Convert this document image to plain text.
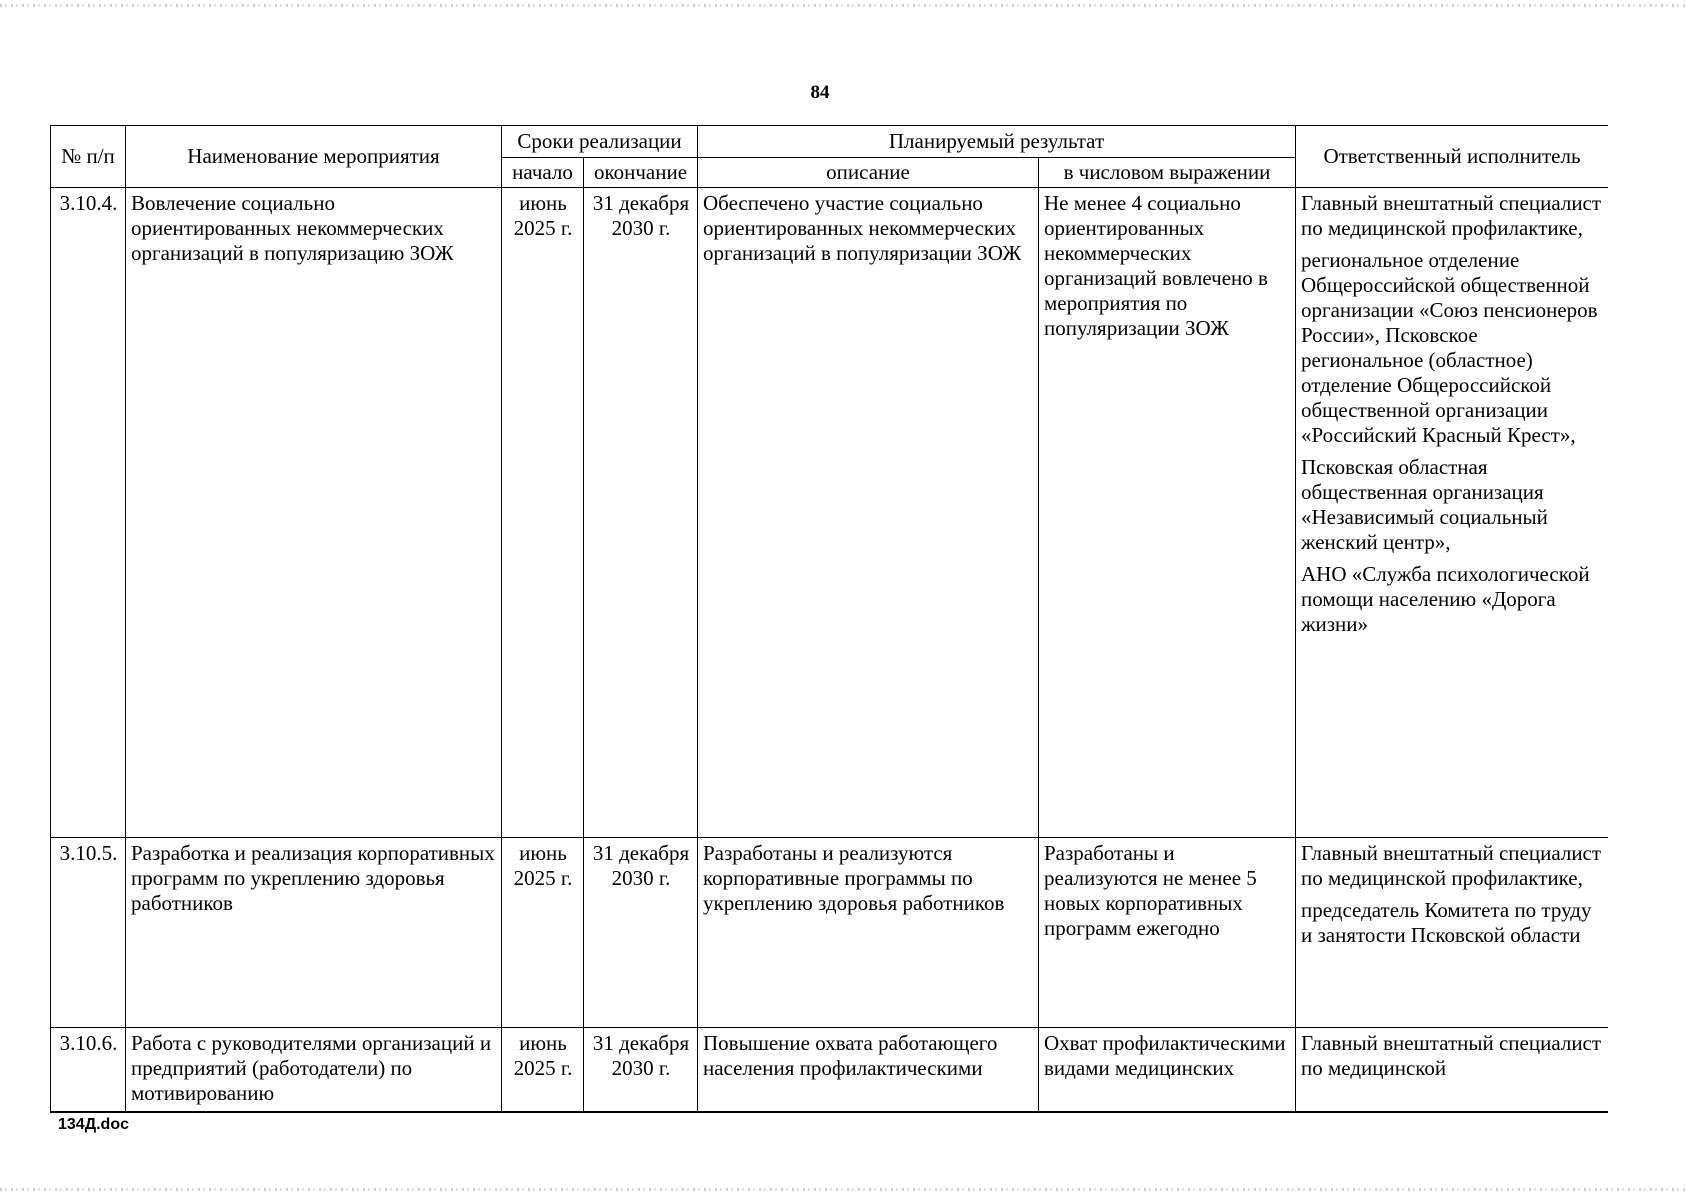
84
№ п/п	Наименование мероприятия	Сроки реализации		Планируемый результат		Ответственный исполнитель
		начало	окончание	описание	в числовом выражении	
3.10.4.	Вовлечение социально ориентированных некоммерческих организаций в популяризацию ЗОЖ	июнь 2025 г.	31 декабря 2030 г.	Обеспечено участие социально ориентированных некоммерческих организаций в популяризации ЗОЖ	Не менее 4 социально ориентированных некоммерческих организаций вовлечено в мероприятия по популяризации ЗОЖ	Главный внештатный специалист по медицинской профилактике,

региональное отделение Общероссийской общественной организации «Союз пенсионеров России», Псковское региональное (областное) отделение Общероссийской общественной организации «Российский Красный Крест»,

Псковская областная общественная организация «Независимый социальный женский центр»,

АНО «Служба психологической помощи населению «Дорога жизни»

3.10.5.	Разработка и реализация корпоративных программ по укреплению здоровья работников	июнь 2025 г.	31 декабря 2030 г.	Разработаны и реализуются корпоративные программы по укреплению здоровья работников	Разработаны и реализуются не менее 5 новых корпоративных программ ежегодно	Главный внештатный специалист по медицинской профилактике,

председатель Комитета по труду и занятости Псковской области

3.10.6.	Работа с руководителями организаций и предприятий (работодатели) по мотивированию	июнь 2025 г.	31 декабря 2030 г.	Повышение охвата работающего населения профилактическими	Охват профилактическими видами медицинских	Главный внештатный специалист по медицинской

134Д.doc
